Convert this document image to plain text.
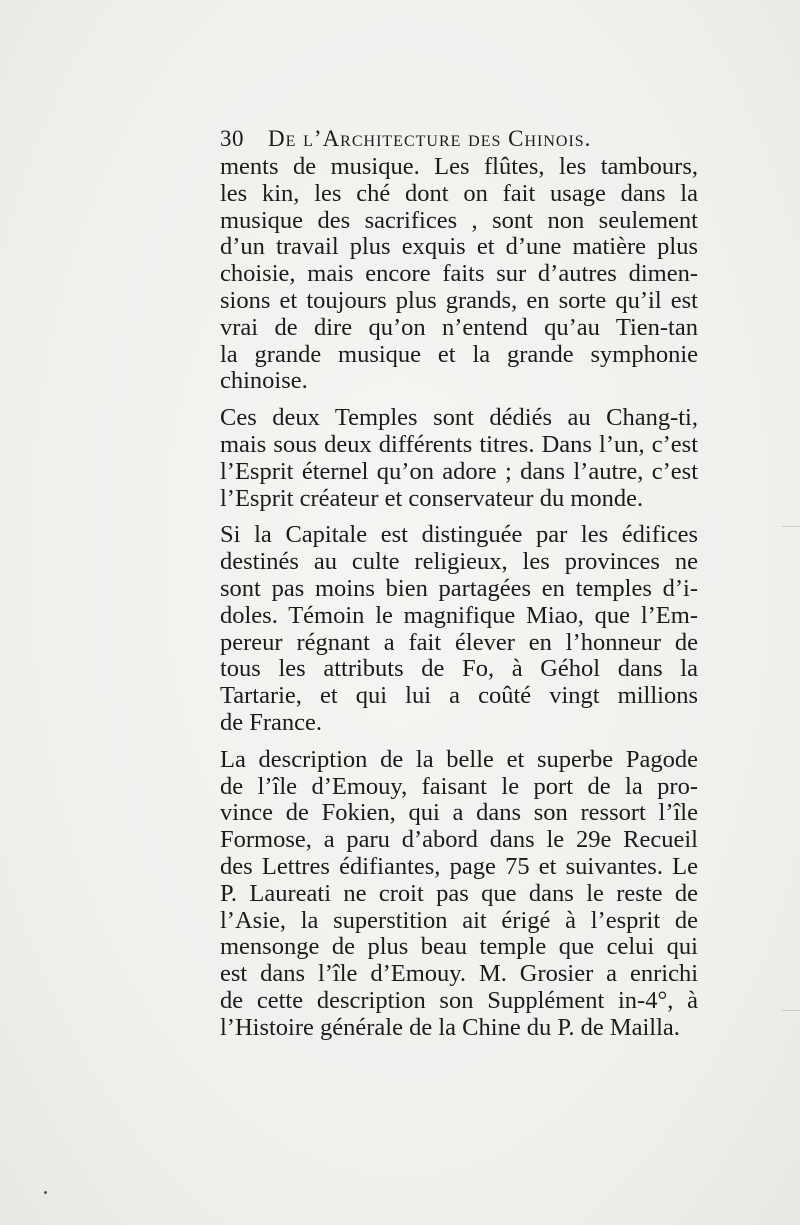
30 De l’Architecture des Chinois.
ments de musique. Les flûtes, les tambours,
les kin, les ché dont on fait usage dans la
musique des sacrifices , sont non seulement
d’un travail plus exquis et d’une matière plus
choisie, mais encore faits sur d’autres dimen-
sions et toujours plus grands, en sorte qu’il est
vrai de dire qu’on n’entend qu’au Tien-tan
la grande musique et la grande symphonie
chinoise.
Ces deux Temples sont dédiés au Chang-ti,
mais sous deux différents titres. Dans l’un, c’est
l’Esprit éternel qu’on adore ; dans l’autre, c’est
l’Esprit créateur et conservateur du monde.
Si la Capitale est distinguée par les édifices
destinés au culte religieux, les provinces ne
sont pas moins bien partagées en temples d’i-
doles. Témoin le magnifique Miao, que l’Em-
pereur régnant a fait élever en l’honneur de
tous les attributs de Fo, à Géhol dans la
Tartarie, et qui lui a coûté vingt millions
de France.
La description de la belle et superbe Pagode
de l’île d’Emouy, faisant le port de la pro-
vince de Fokien, qui a dans son ressort l’île
Formose, a paru d’abord dans le 29e Recueil
des Lettres édifiantes, page 75 et suivantes. Le
P. Laureati ne croit pas que dans le reste de
l’Asie, la superstition ait érigé à l’esprit de
mensonge de plus beau temple que celui qui
est dans l’île d’Emouy. M. Grosier a enrichi
de cette description son Supplément in-4°, à
l’Histoire générale de la Chine du P. de Mailla.
